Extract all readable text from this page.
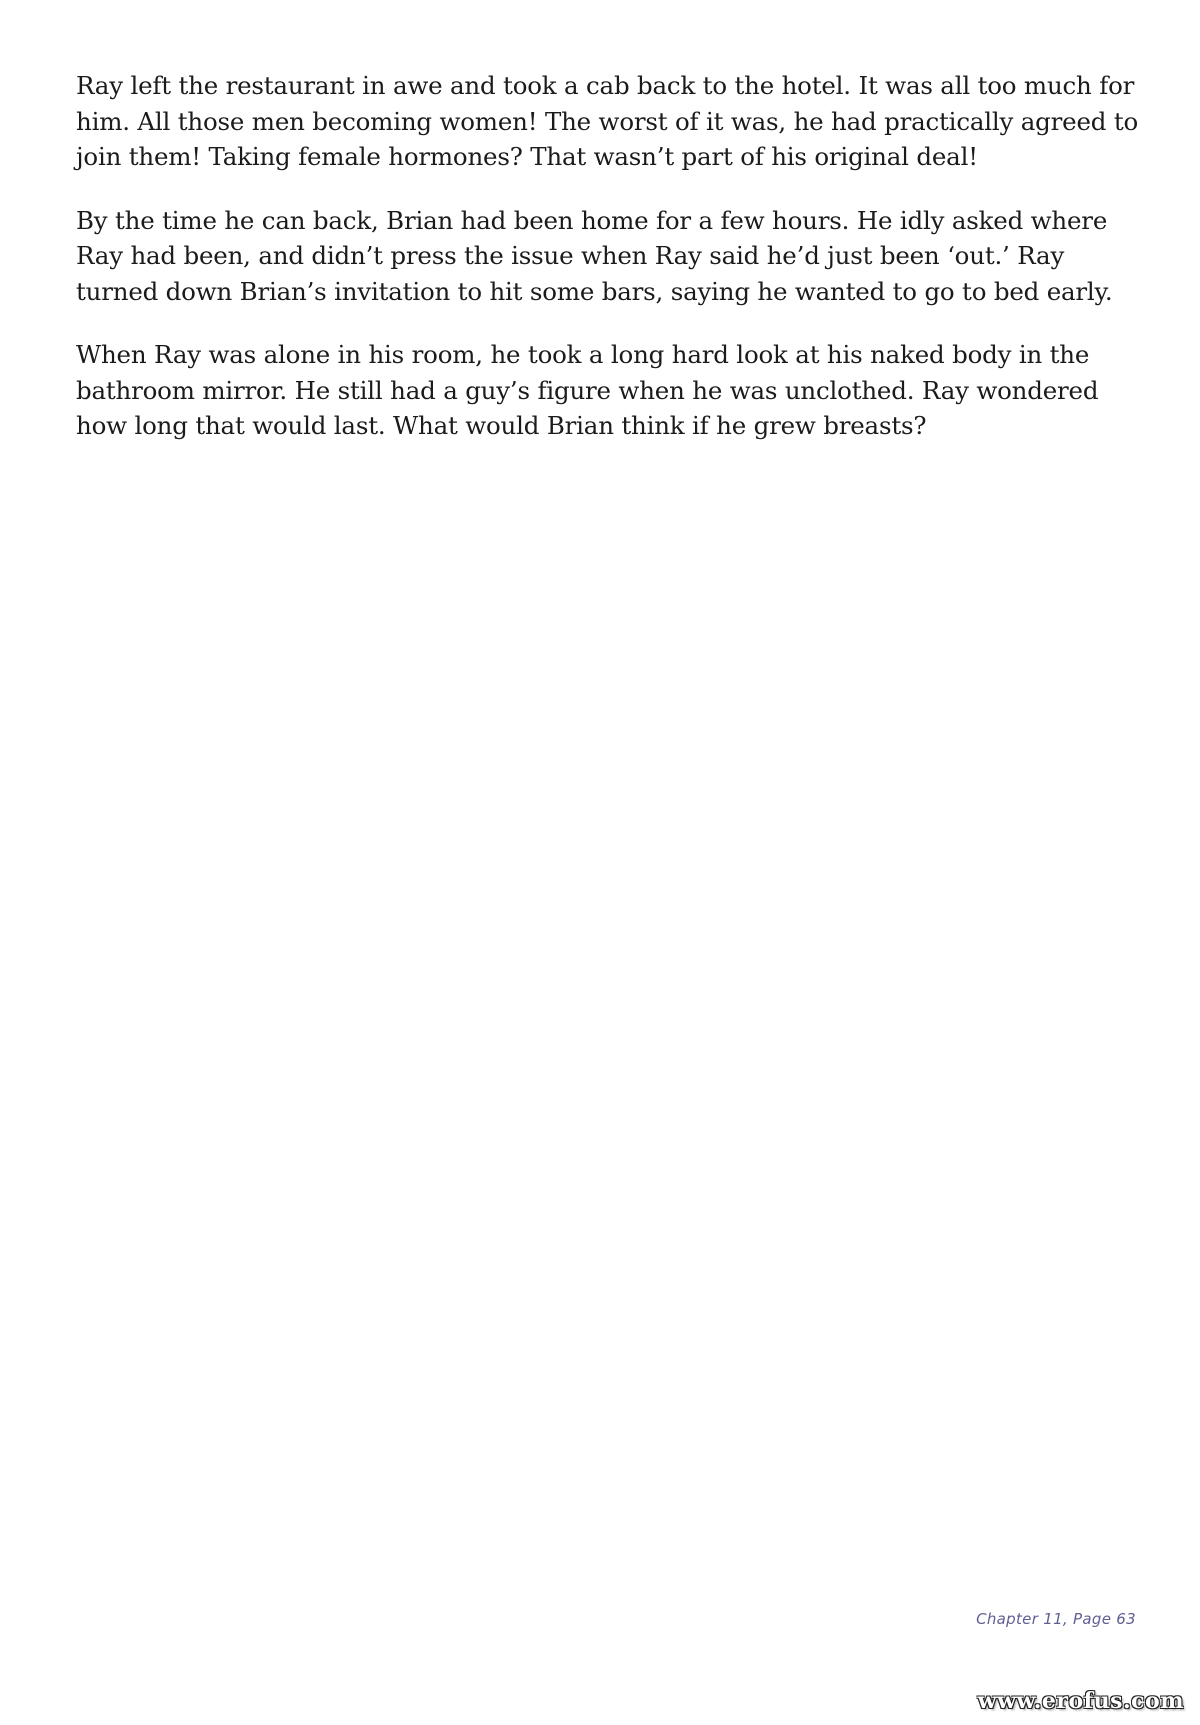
Ray left the restaurant in awe and took a cab back to the hotel. It was all too much for him. All those men becoming women! The worst of it was, he had practically agreed to join them! Taking female hormones? That wasn’t part of his original deal!

By the time he can back, Brian had been home for a few hours. He idly asked where Ray had been, and didn’t press the issue when Ray said he’d just been ‘out.’ Ray turned down Brian’s invitation to hit some bars, saying he wanted to go to bed early.

When Ray was alone in his room, he took a long hard look at his naked body in the bathroom mirror. He still had a guy’s figure when he was unclothed. Ray wondered how long that would last. What would Brian think if he grew breasts?

Chapter 11, Page 63
www.erofus.com
